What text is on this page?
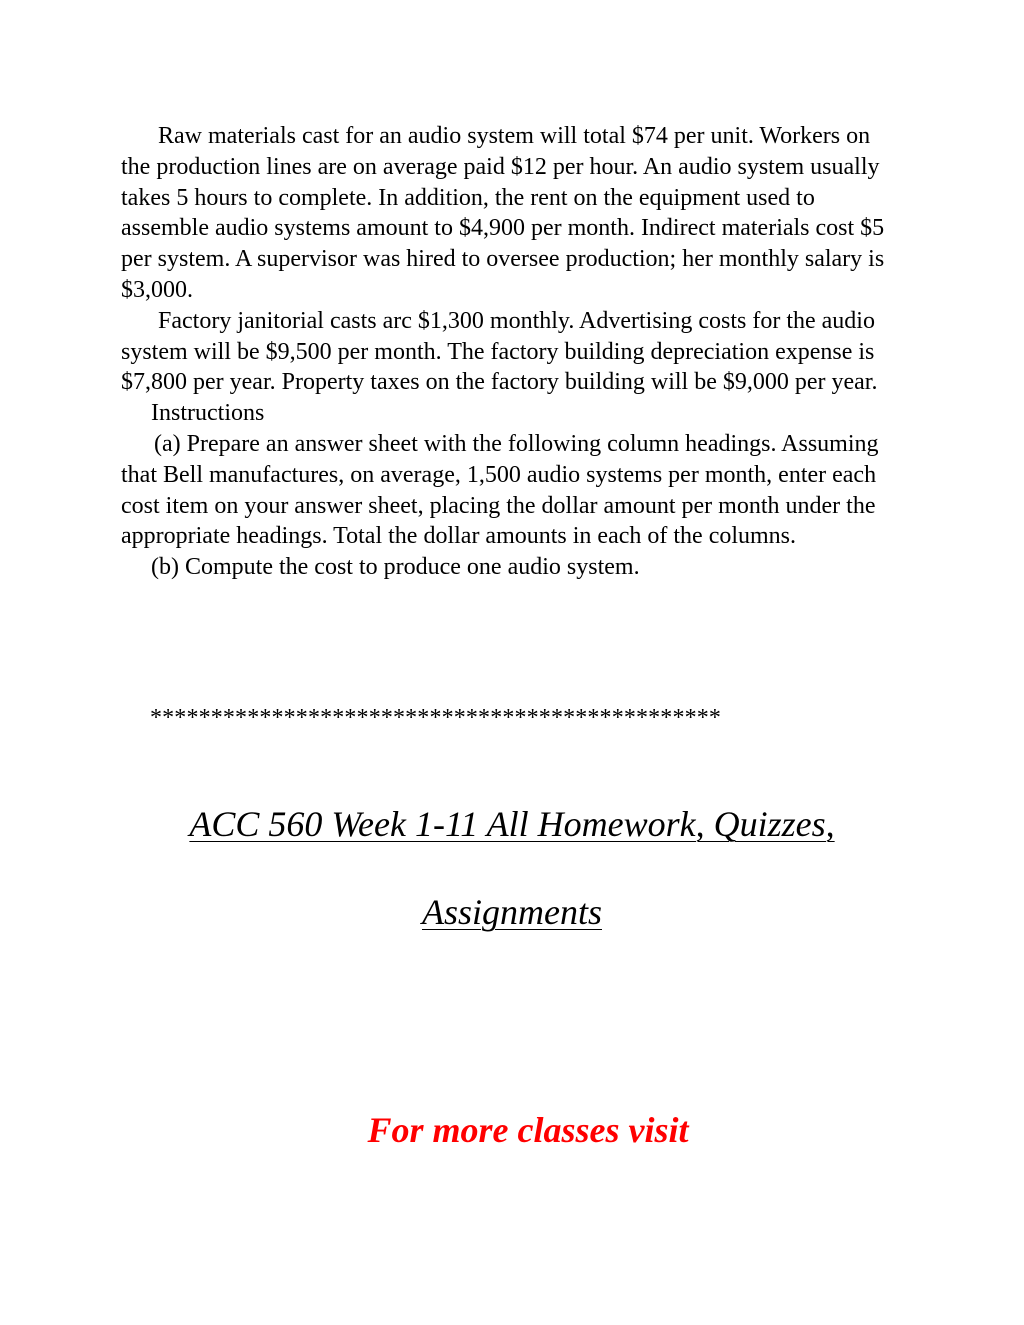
Raw materials cast for an audio system will total $74 per unit. Workers on the production lines are on average paid $12 per hour. An audio system usually takes 5 hours to complete. In addition, the rent on the equipment used to assemble audio systems amount to $4,900 per month. Indirect materials cost $5 per system. A supervisor was hired to oversee production; her monthly salary is $3,000.

Factory janitorial casts arc $1,300 monthly. Advertising costs for the audio system will be $9,500 per month. The factory building depreciation expense is $7,800 per year. Property taxes on the factory building will be $9,000 per year.

Instructions

(a) Prepare an answer sheet with the following column headings. Assuming that Bell manufactures, on average, 1,500 audio systems per month, enter each cost item on your answer sheet, placing the dollar amount per month under the appropriate headings. Total the dollar amounts in each of the columns.

(b) Compute the cost to produce one audio system.

***********************************************
ACC 560 Week 1-11 All Homework, Quizzes,
Assignments

For more classes visit
